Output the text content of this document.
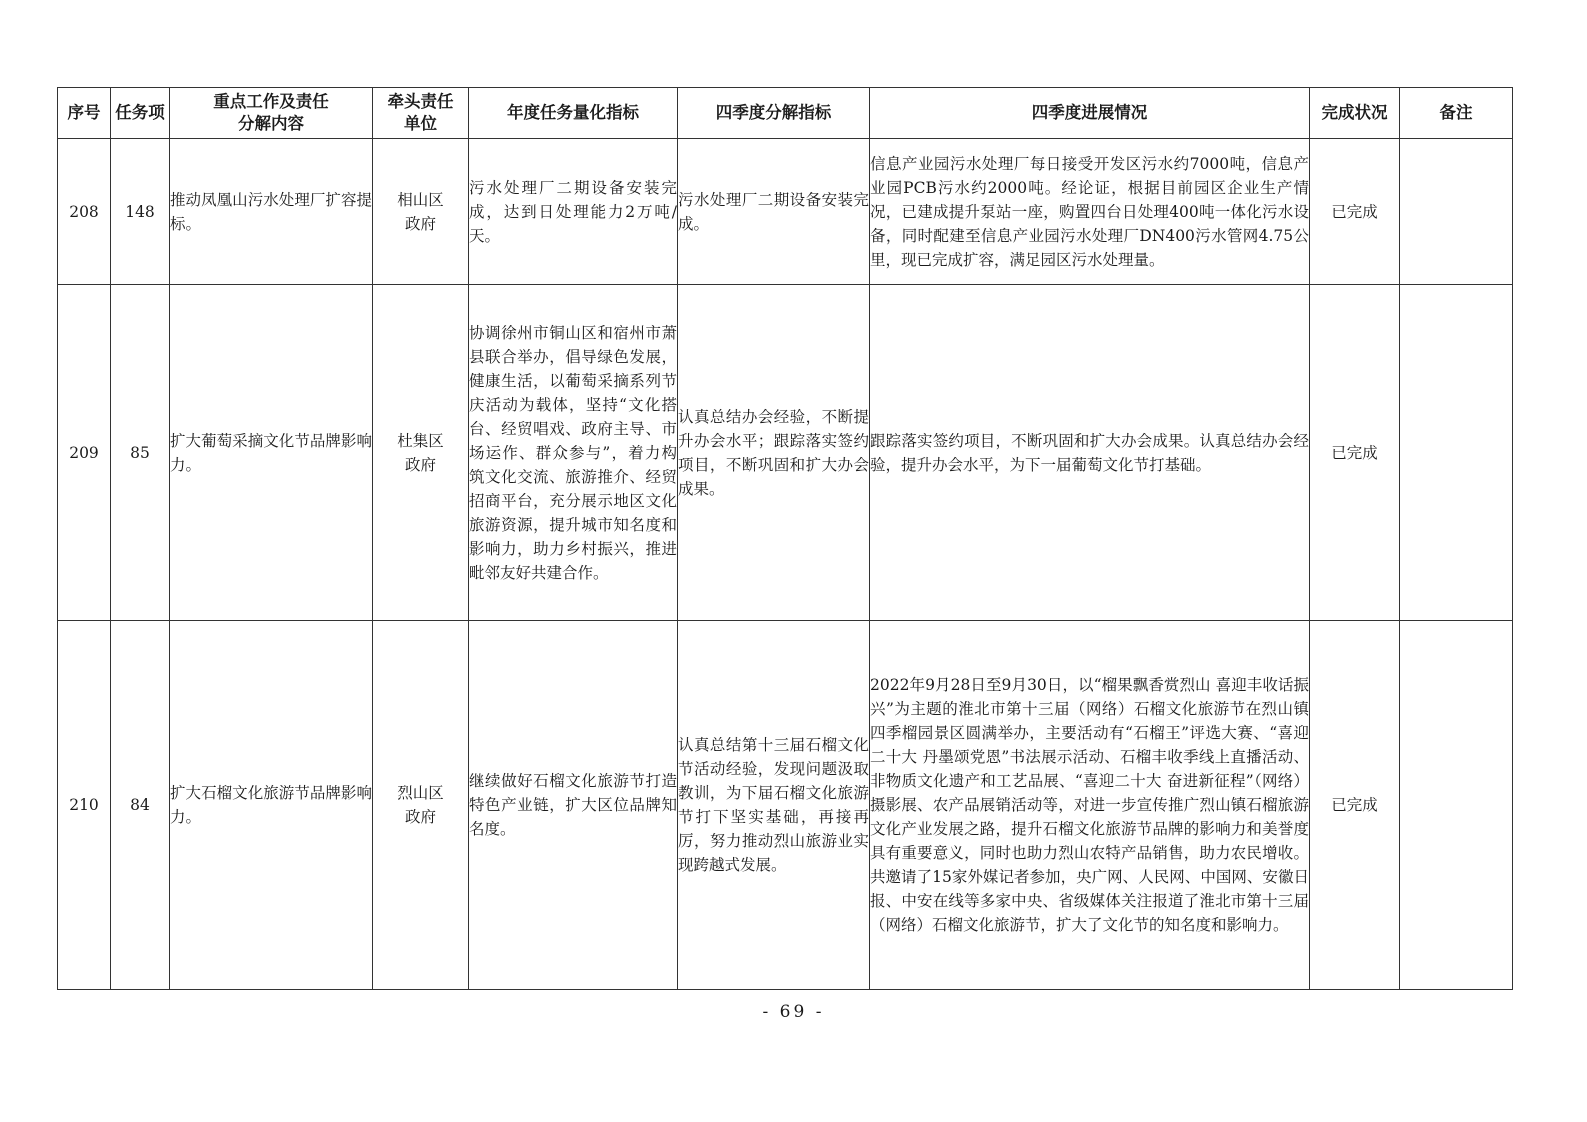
序号	任务项	重点工作及责任
分解内容	牵头责任
单位	年度任务量化指标	四季度分解指标	四季度进展情况	完成状况	备注
208	148	推动凤凰山污水处理厂扩容提标。	相山区
政府	污水处理厂二期设备安装完成，达到日处理能力2万吨/天。	污水处理厂二期设备安装完成。	信息产业园污水处理厂每日接受开发区污水约7000吨，信息产业园PCB污水约2000吨。经论证，根据目前园区企业生产情况，已建成提升泵站一座，购置四台日处理400吨一体化污水设备，同时配建至信息产业园污水处理厂DN400污水管网4.75公里，现已完成扩容，满足园区污水处理量。	已完成	
209	85	扩大葡萄采摘文化节品牌影响力。	杜集区
政府	协调徐州市铜山区和宿州市萧县联合举办，倡导绿色发展，健康生活，以葡萄采摘系列节庆活动为载体，坚持“文化搭台、经贸唱戏、政府主导、市场运作、群众参与”，着力构筑文化交流、旅游推介、经贸招商平台，充分展示地区文化旅游资源，提升城市知名度和影响力，助力乡村振兴，推进毗邻友好共建合作。	认真总结办会经验，不断提升办会水平；跟踪落实签约项目，不断巩固和扩大办会成果。	跟踪落实签约项目，不断巩固和扩大办会成果。认真总结办会经验，提升办会水平，为下一届葡萄文化节打基础。	已完成	
210	84	扩大石榴文化旅游节品牌影响力。	烈山区
政府	继续做好石榴文化旅游节打造特色产业链，扩大区位品牌知名度。	认真总结第十三届石榴文化节活动经验，发现问题汲取教训，为下届石榴文化旅游节打下坚实基础，再接再厉，努力推动烈山旅游业实现跨越式发展。	2022年9月28日至9月30日，以“榴果飘香赏烈山 喜迎丰收话振兴”为主题的淮北市第十三届（网络）石榴文化旅游节在烈山镇四季榴园景区圆满举办，主要活动有“石榴王”评选大赛、“喜迎二十大 丹墨颂党恩”书法展示活动、石榴丰收季线上直播活动、非物质文化遗产和工艺品展、“喜迎二十大 奋进新征程”（网络）摄影展、农产品展销活动等，对进一步宣传推广烈山镇石榴旅游文化产业发展之路，提升石榴文化旅游节品牌的影响力和美誉度具有重要意义，同时也助力烈山农特产品销售，助力农民增收。共邀请了15家外媒记者参加，央广网、人民网、中国网、安徽日报、中安在线等多家中央、省级媒体关注报道了淮北市第十三届（网络）石榴文化旅游节，扩大了文化节的知名度和影响力。	已完成	
- 69 -
